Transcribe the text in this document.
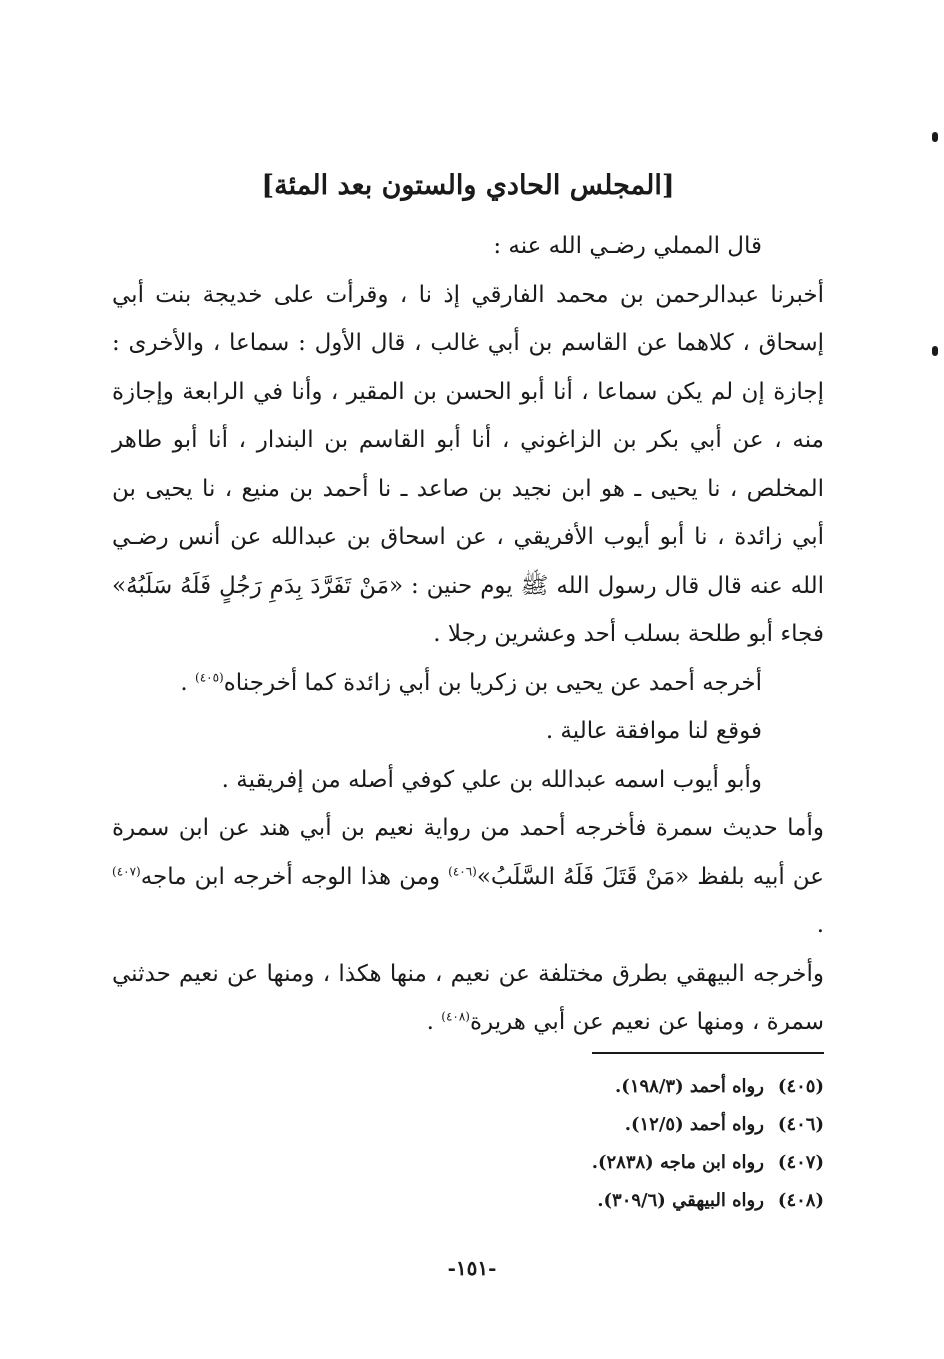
[المجلس الحادي والستون بعد المئة]

قال المملي رضـي الله عنه :

أخبرنا عبدالرحمن بن محمد الفارقي إذ نا ، وقرأت على خديجة بنت أبي إسحاق ، كلاهما عن القاسم بن أبي غالب ، قال الأول : سماعا ، والأخرى : إجازة إن لم يكن سماعا ، أنا أبو الحسن بن المقير ، وأنا في الرابعة وإجازة منه ، عن أبي بكر بن الزاغوني ، أنا أبو القاسم بن البندار ، أنا أبو طاهر المخلص ، نا يحيى ـ هو ابن نجيد بن صاعد ـ نا أحمد بن منيع ، نا يحيى بن أبي زائدة ، نا أبو أيوب الأفريقي ، عن اسحاق بن عبدالله عن أنس رضـي الله عنه قال قال رسول الله ﷺ يوم حنين : «مَنْ تَفَرَّدَ بِدَمِ رَجُلٍ فَلَهُ سَلَبُهُ» فجاء أبو طلحة بسلب أحد وعشرين رجلا .

أخرجه أحمد عن يحيى بن زكريا بن أبي زائدة كما أخرجناه$^{(٤٠٥)}$ .

فوقع لنا موافقة عالية .

وأبو أيوب اسمه عبدالله بن علي كوفي أصله من إفريقية .

وأما حديث سمرة فأخرجه أحمد من رواية نعيم بن أبي هند عن ابن سمرة عن أبيه بلفظ «مَنْ قَتَلَ فَلَهُ السَّلَبُ»$^{(٤٠٦)}$ ومن هذا الوجه أخرجه ابن ماجه$^{(٤٠٧)}$ .

وأخرجه البيهقي بطرق مختلفة عن نعيم ، منها هكذا ، ومنها عن نعيم حدثني سمرة ، ومنها عن نعيم عن أبي هريرة$^{(٤٠٨)}$ .

(٤٠٥)رواه أحمد (١٩٨/٣).

(٤٠٦)رواه أحمد (١٢/٥).

(٤٠٧)رواه ابن ماجه (٢٨٣٨).

(٤٠٨)رواه البيهقي (٣٠٩/٦).

-١٥١-
